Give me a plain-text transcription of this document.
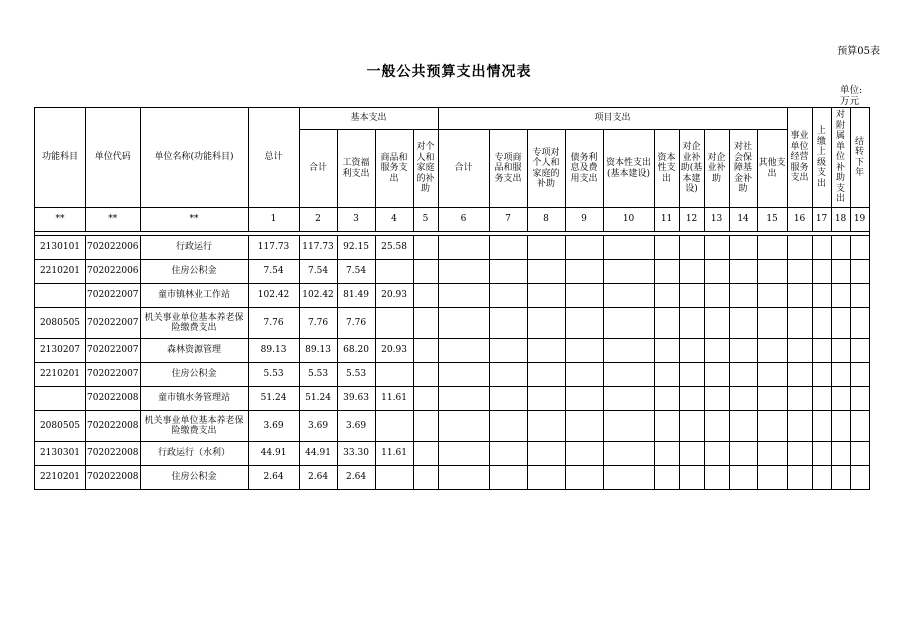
预算05表
一般公共预算支出情况表
单位:
万元
功能科目	单位代码	单位名称(功能科目)	总计	基本支出				项目支出										事业单位经营服务支出	上缴上级支出	对附属单位补助支出	结转下年
				合计	工资福利支出	商品和服务支出	对个人和家庭的补助	合计	专项商品和服务支出	专项对个人和家庭的补助	债务利息及费用支出	资本性支出(基本建设)	资本性支出	对企业补助(基本建设)	对企业补助	对社会保障基金补助	其他支出				
**	**	**	1	2	3	4	5	6	7	8	9	10	11	12	13	14	15	16	17	18	19

2130101	702022006	行政运行	117.73	117.73	92.15	25.58															
2210201	702022006	住房公积金	7.54	7.54	7.54																
	702022007	童市镇林业工作站	102.42	102.42	81.49	20.93															
2080505	702022007	机关事业单位基本养老保险缴费支出	7.76	7.76	7.76																
2130207	702022007	森林资源管理	89.13	89.13	68.20	20.93															
2210201	702022007	住房公积金	5.53	5.53	5.53																
	702022008	童市镇水务管理站	51.24	51.24	39.63	11.61															
2080505	702022008	机关事业单位基本养老保险缴费支出	3.69	3.69	3.69																
2130301	702022008	行政运行（水利）	44.91	44.91	33.30	11.61															
2210201	702022008	住房公积金	2.64	2.64	2.64																
